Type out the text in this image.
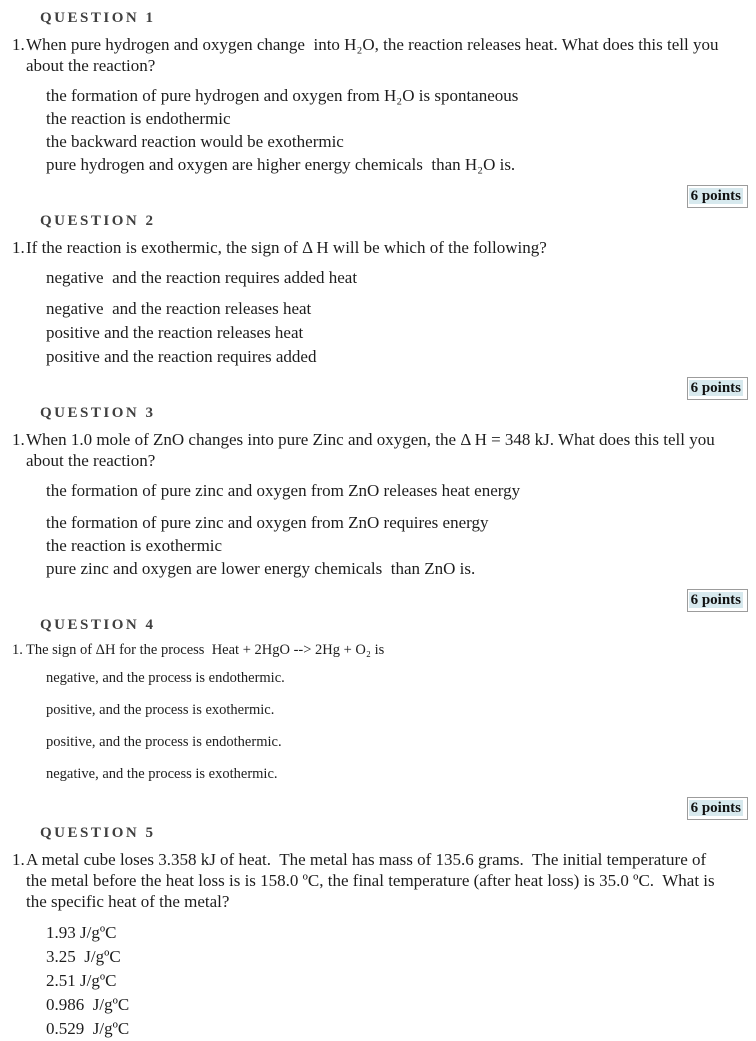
QUESTION 1
1. When pure hydrogen and oxygen change  into H₂O, the reaction releases heat. What does this tell you about the reaction?

the formation of pure hydrogen and oxygen from H₂O is spontaneous
the reaction is endothermic
the backward reaction would be exothermic
pure hydrogen and oxygen are higher energy chemicals  than H₂O is.
6 points
QUESTION 2
1. If the reaction is exothermic, the sign of Δ H will be which of the following?

negative  and the reaction requires added heat
negative  and the reaction releases heat
positive and the reaction releases heat
positive and the reaction requires added
6 points
QUESTION 3
1. When 1.0 mole of ZnO changes into pure Zinc and oxygen, the Δ H = 348 kJ. What does this tell you about the reaction?

the formation of pure zinc and oxygen from ZnO releases heat energy
the formation of pure zinc and oxygen from ZnO requires energy
the reaction is exothermic
pure zinc and oxygen are lower energy chemicals  than ZnO is.
6 points
QUESTION 4
1. The sign of ΔH for the process  Heat + 2HgO --> 2Hg + O₂ is

negative, and the process is endothermic.
positive, and the process is exothermic.
positive, and the process is endothermic.
negative, and the process is exothermic.
6 points
QUESTION 5
1. A metal cube loses 3.358 kJ of heat.  The metal has mass of 135.6 grams.  The initial temperature of the metal before the heat loss is is 158.0 ºC, the final temperature (after heat loss) is 35.0 ºC.  What is the specific heat of the metal?

1.93 J/gºC
3.25  J/gºC
2.51 J/gºC
0.986  J/gºC
0.529  J/gºC
